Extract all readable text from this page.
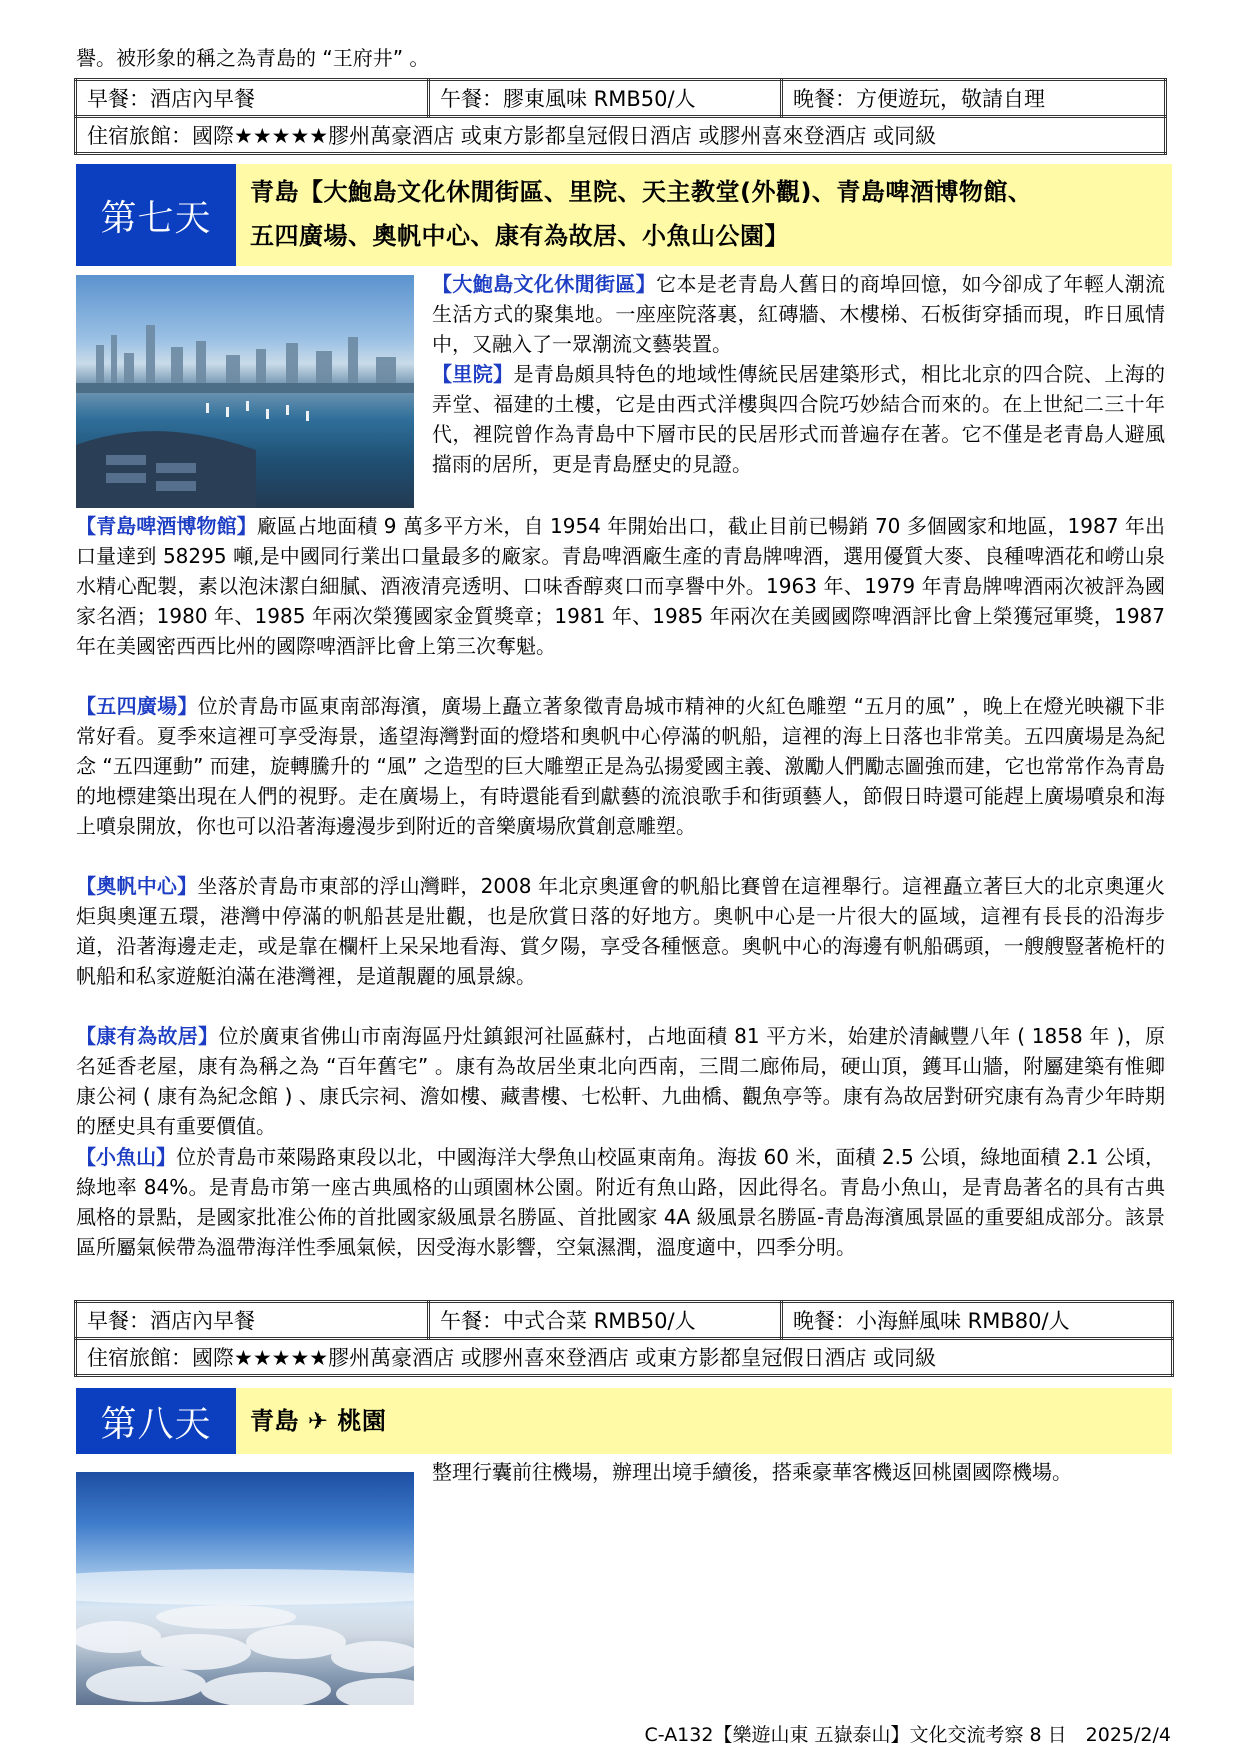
譽。被形象的稱之為青島的 “王府井” 。
早餐：酒店內早餐	午餐：膠東風味 RMB50/人	晚餐：方便遊玩，敬請自理
住宿旅館：國際★★★★★膠州萬豪酒店 或東方影都皇冠假日酒店 或膠州喜來登酒店 或同級
第七天
青島【大鮑島文化休閒街區、里院、天主教堂(外觀)、青島啤酒博物館、
五四廣場、奧帆中心、康有為故居、小魚山公園】
【大鮑島文化休閒街區】它本是老青島人舊日的商埠回憶，如今卻成了年輕人潮流生活方式的聚集地。一座座院落裏，紅磚牆、木樓梯、石板街穿插而現，昨日風情中，又融入了一眾潮流文藝裝置。
【里院】是青島頗具特色的地域性傳統民居建築形式，相比北京的四合院、上海的弄堂、福建的土樓，它是由西式洋樓與四合院巧妙結合而來的。在上世紀二三十年代，裡院曾作為青島中下層市民的民居形式而普遍存在著。它不僅是老青島人避風擋雨的居所，更是青島歷史的見證。
【青島啤酒博物館】廠區占地面積 9 萬多平方米，自 1954 年開始出口，截止目前已暢銷 70 多個國家和地區，1987 年出口量達到 58295 噸,是中國同行業出口量最多的廠家。青島啤酒廠生產的青島牌啤酒，選用優質大麥、良種啤酒花和嶗山泉水精心配製，素以泡沫潔白細膩、酒液清亮透明、口味香醇爽口而享譽中外。1963 年、1979 年青島牌啤酒兩次被評為國家名酒；1980 年、1985 年兩次榮獲國家金質獎章；1981 年、1985 年兩次在美國國際啤酒評比會上榮獲冠軍獎，1987 年在美國密西西比州的國際啤酒評比會上第三次奪魁。
【五四廣場】位於青島市區東南部海濱，廣場上矗立著象徵青島城市精神的火紅色雕塑 “五月的風” ，晚上在燈光映襯下非常好看。夏季來這裡可享受海景，遙望海灣對面的燈塔和奧帆中心停滿的帆船，這裡的海上日落也非常美。五四廣場是為紀念 “五四運動” 而建，旋轉騰升的 “風” 之造型的巨大雕塑正是為弘揚愛國主義、激勵人們勵志圖強而建，它也常常作為青島的地標建築出現在人們的視野。走在廣場上，有時還能看到獻藝的流浪歌手和街頭藝人，節假日時還可能趕上廣場噴泉和海上噴泉開放，你也可以沿著海邊漫步到附近的音樂廣場欣賞創意雕塑。
【奧帆中心】坐落於青島市東部的浮山灣畔，2008 年北京奧運會的帆船比賽曾在這裡舉行。這裡矗立著巨大的北京奧運火炬與奧運五環，港灣中停滿的帆船甚是壯觀，也是欣賞日落的好地方。奧帆中心是一片很大的區域，這裡有長長的沿海步道，沿著海邊走走，或是靠在欄杆上呆呆地看海、賞夕陽，享受各種愜意。奧帆中心的海邊有帆船碼頭，一艘艘豎著桅杆的帆船和私家遊艇泊滿在港灣裡，是道靚麗的風景線。
【康有為故居】位於廣東省佛山市南海區丹灶鎮銀河社區蘇村，占地面積 81 平方米，始建於清鹹豐八年 ( 1858 年 )，原名延香老屋，康有為稱之為 “百年舊宅” 。康有為故居坐東北向西南，三間二廊佈局，硬山頂，鑊耳山牆，附屬建築有惟卿康公祠 ( 康有為紀念館 ) 、康氏宗祠、澹如樓、藏書樓、七松軒、九曲橋、觀魚亭等。康有為故居對研究康有為青少年時期的歷史具有重要價值。
【小魚山】位於青島市萊陽路東段以北，中國海洋大學魚山校區東南角。海拔 60 米，面積 2.5 公頃，綠地面積 2.1 公頃，綠地率 84%。是青島市第一座古典風格的山頭園林公園。附近有魚山路，因此得名。青島小魚山，是青島著名的具有古典風格的景點，是國家批准公佈的首批國家級風景名勝區、首批國家 4A 級風景名勝區-青島海濱風景區的重要組成部分。該景區所屬氣候帶為溫帶海洋性季風氣候，因受海水影響，空氣濕潤，溫度適中，四季分明。
早餐：酒店內早餐	午餐：中式合菜 RMB50/人	晚餐：小海鮮風味 RMB80/人
住宿旅館：國際★★★★★膠州萬豪酒店 或膠州喜來登酒店 或東方影都皇冠假日酒店 或同級
第八天	青島 ✈ 桃園
整理行囊前往機場，辦理出境手續後，搭乘豪華客機返回桃園國際機場。
C-A132【樂遊山東 五嶽泰山】文化交流考察 8 日　2025/2/4
